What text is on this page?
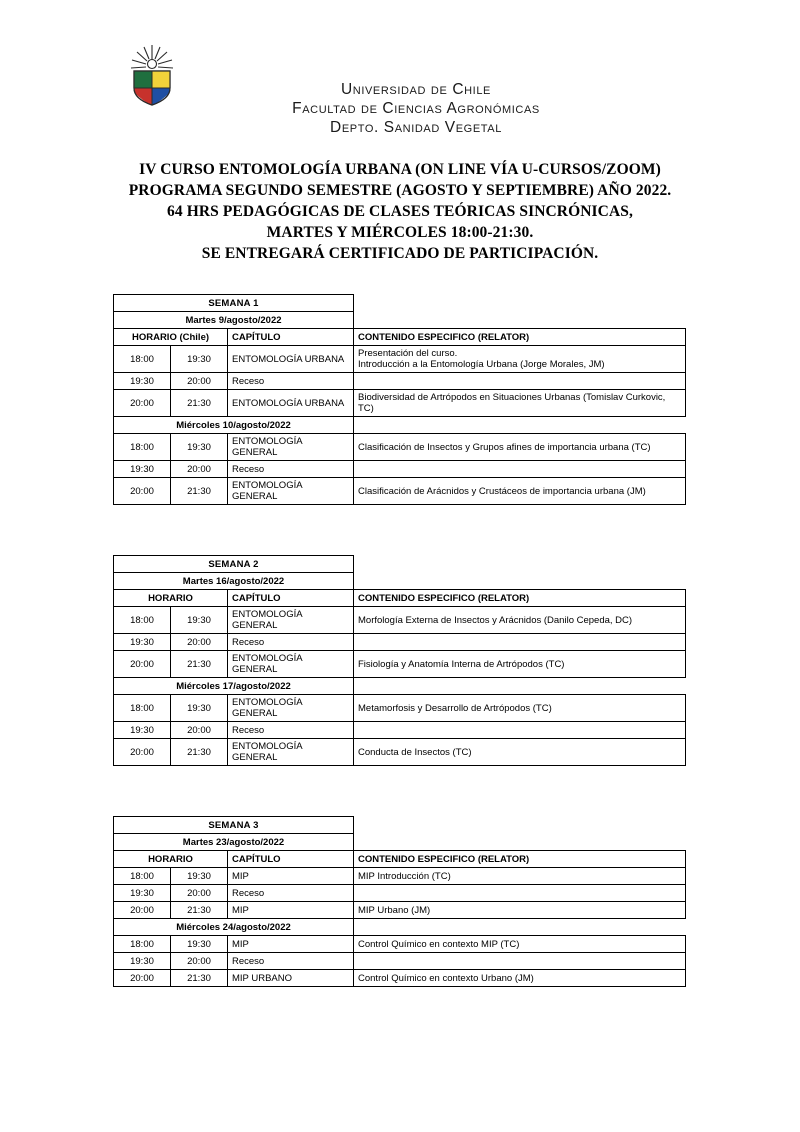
Universidad de Chile
Facultad de Ciencias Agronómicas
Depto. Sanidad Vegetal
IV CURSO ENTOMOLOGÍA URBANA (ON LINE VÍA U-CURSOS/ZOOM)
PROGRAMA SEGUNDO SEMESTRE (AGOSTO Y SEPTIEMBRE) AÑO 2022.
64 HRS PEDAGÓGICAS DE CLASES TEÓRICAS SINCRÓNICAS,
MARTES Y MIÉRCOLES 18:00-21:30.
SE ENTREGARÁ CERTIFICADO DE PARTICIPACIÓN.
SEMANA 1			
Martes 9/agosto/2022			
HORARIO (Chile)		CAPÍTULO	CONTENIDO ESPECIFICO (RELATOR)
18:00	19:30	ENTOMOLOGÍA URBANA	Presentación del curso.
Introducción a la Entomología Urbana (Jorge Morales, JM)

19:30	20:00	Receso	
20:00	21:30	ENTOMOLOGÍA URBANA	Biodiversidad de Artrópodos en Situaciones Urbanas (Tomislav Curkovic, TC)
Miércoles 10/agosto/2022			
18:00	19:30	ENTOMOLOGÍA GENERAL	Clasificación de Insectos y Grupos afines de importancia urbana (TC)
19:30	20:00	Receso	
20:00	21:30	ENTOMOLOGÍA GENERAL	Clasificación de Arácnidos y Crustáceos de importancia urbana (JM)
SEMANA 2			
Martes 16/agosto/2022			
HORARIO		CAPÍTULO	CONTENIDO ESPECIFICO (RELATOR)
18:00	19:30	ENTOMOLOGÍA GENERAL	Morfología Externa de Insectos y Arácnidos (Danilo Cepeda, DC)
19:30	20:00	Receso	
20:00	21:30	ENTOMOLOGÍA GENERAL	Fisiología y Anatomía Interna de Artrópodos (TC)
Miércoles 17/agosto/2022			
18:00	19:30	ENTOMOLOGÍA GENERAL	Metamorfosis y Desarrollo de Artrópodos (TC)
19:30	20:00	Receso	
20:00	21:30	ENTOMOLOGÍA GENERAL	Conducta de Insectos (TC)
SEMANA 3			
Martes 23/agosto/2022			
HORARIO		CAPÍTULO	CONTENIDO ESPECIFICO (RELATOR)
18:00	19:30	MIP	MIP Introducción (TC)
19:30	20:00	Receso	
20:00	21:30	MIP	MIP Urbano (JM)
Miércoles 24/agosto/2022			
18:00	19:30	MIP	Control Químico en contexto MIP (TC)
19:30	20:00	Receso	
20:00	21:30	MIP URBANO	Control Químico en contexto Urbano (JM)
